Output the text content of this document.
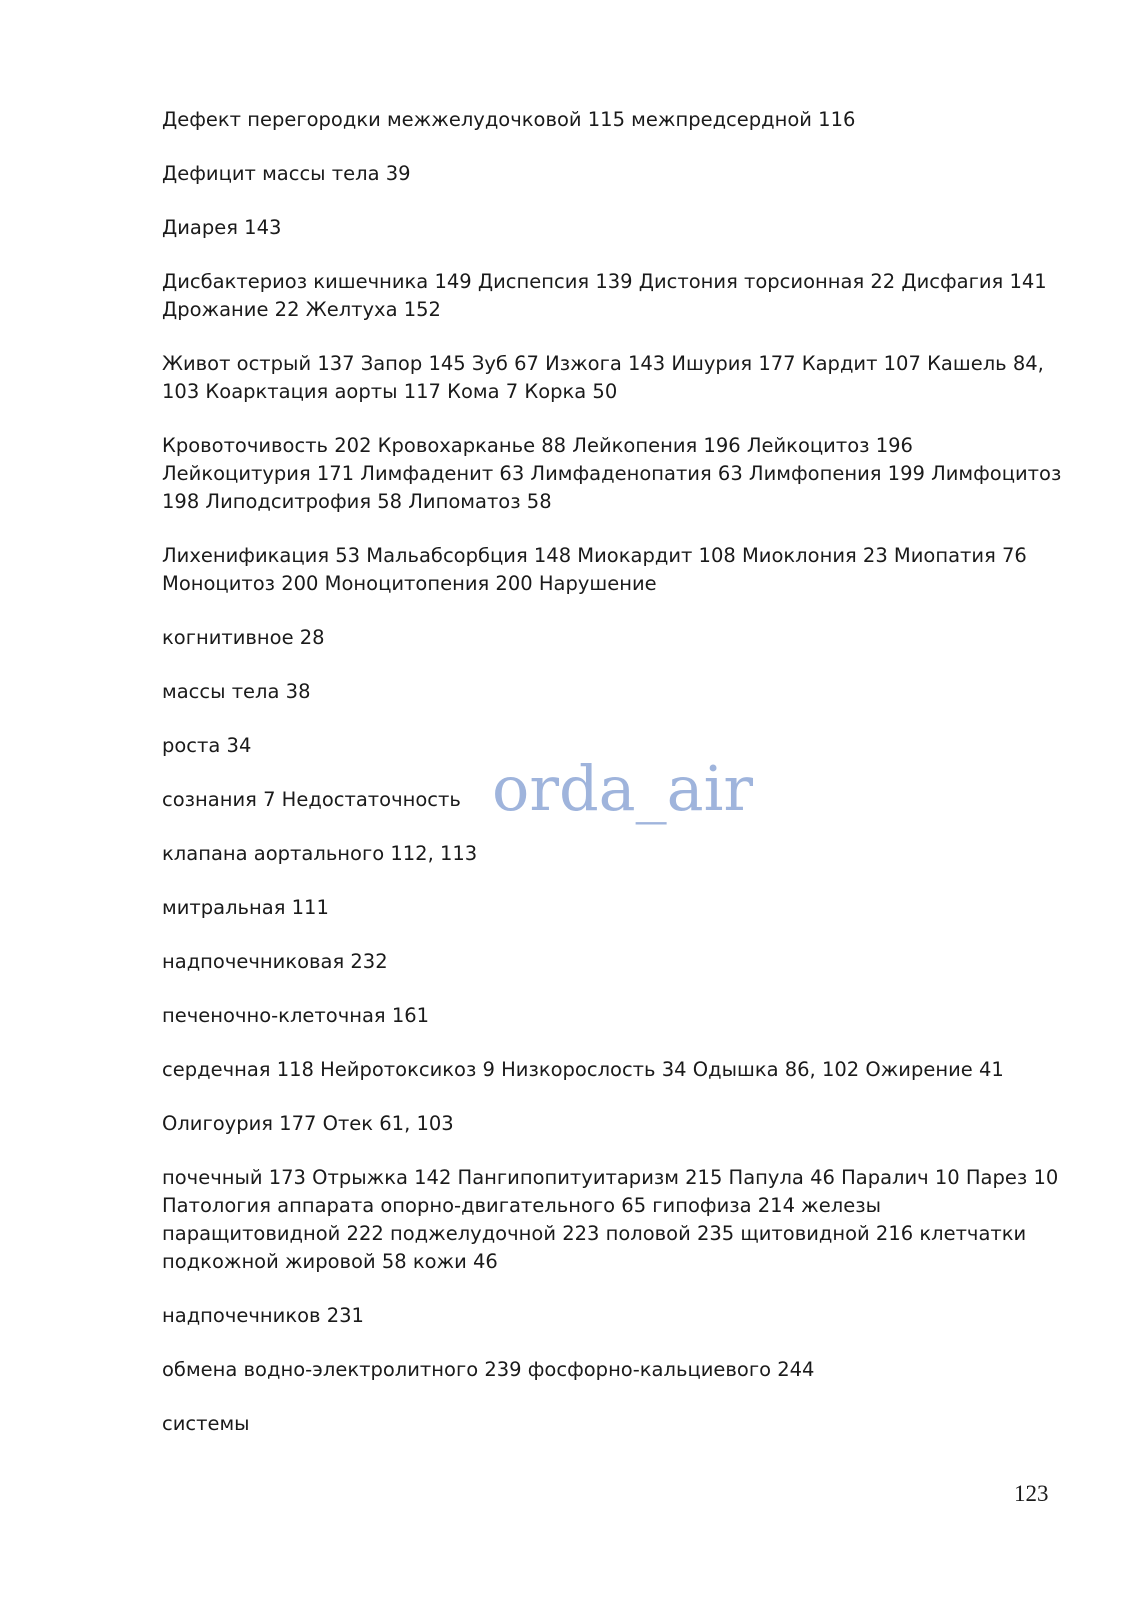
Дефект перегородки межжелудочковой 115 межпредсердной 116

Дефицит массы тела 39

Диарея 143

Дисбактериоз кишечника 149 Диспепсия 139 Дистония торсионная 22 Дисфагия 141 Дрожание 22 Желтуха 152

Живот острый 137 Запор 145 Зуб 67 Изжога 143 Ишурия 177 Кардит 107 Кашель 84, 103 Коарктация аорты 117 Кома 7 Корка 50

Кровоточивость 202 Кровохарканье 88 Лейкопения 196 Лейкоцитоз 196 Лейкоцитурия 171 Лимфаденит 63 Лимфаденопатия 63 Лимфопения 199 Лимфоцитоз 198 Липодситрофия 58 Липоматоз 58

Лихенификация 53 Мальабсорбция 148 Миокардит 108 Миоклония 23 Миопатия 76 Моноцитоз 200 Моноцитопения 200 Нарушение

когнитивное 28

массы тела 38

роста 34

сознания 7 Недостаточность

клапана аортального 112, 113

митральная 111

надпочечниковая 232

печеночно-клеточная 161

сердечная 118 Нейротоксикоз 9 Низкорослость 34 Одышка 86, 102 Ожирение 41

Олигоурия 177 Отек 61, 103

почечный 173 Отрыжка 142 Пангипопитуитаризм 215 Папула 46 Паралич 10 Парез 10 Патология аппарата опорно-двигательного 65 гипофиза 214 железы паращитовидной 222 поджелудочной 223 половой 235 щитовидной 216 клетчатки подкожной жировой 58 кожи 46

надпочечников 231

обмена водно-электролитного 239 фосфорно-кальциевого 244

системы

orda_air
123
